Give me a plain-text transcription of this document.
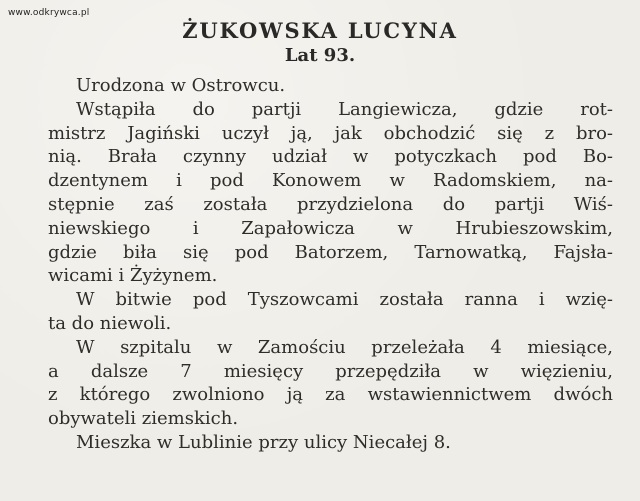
www.odkrywca.pl
ŻUKOWSKA LUCYNA
Lat 93.
Urodzona w Ostrowcu.
Wstąpiła do partji Langiewicza, gdzie rot-
mistrz Jagiński uczył ją, jak obchodzić się z bro-
nią. Brała czynny udział w potyczkach pod Bo-
dzentynem i pod Konowem w Radomskiem, na-
stępnie zaś została przydzielona do partji Wiś-
niewskiego i Zapałowicza w Hrubieszowskim,
gdzie biła się pod Batorzem, Tarnowatką, Fajsła-
wicami i Żyżynem.
W bitwie pod Tyszowcami została ranna i wzię-
ta do niewoli.
W szpitalu w Zamościu przeleżała 4 miesiące,
a dalsze 7 miesięcy przepędziła w więzieniu,
z którego zwolniono ją za wstawiennictwem dwóch
obywateli ziemskich.
Mieszka w Lublinie przy ulicy Niecałej 8.
